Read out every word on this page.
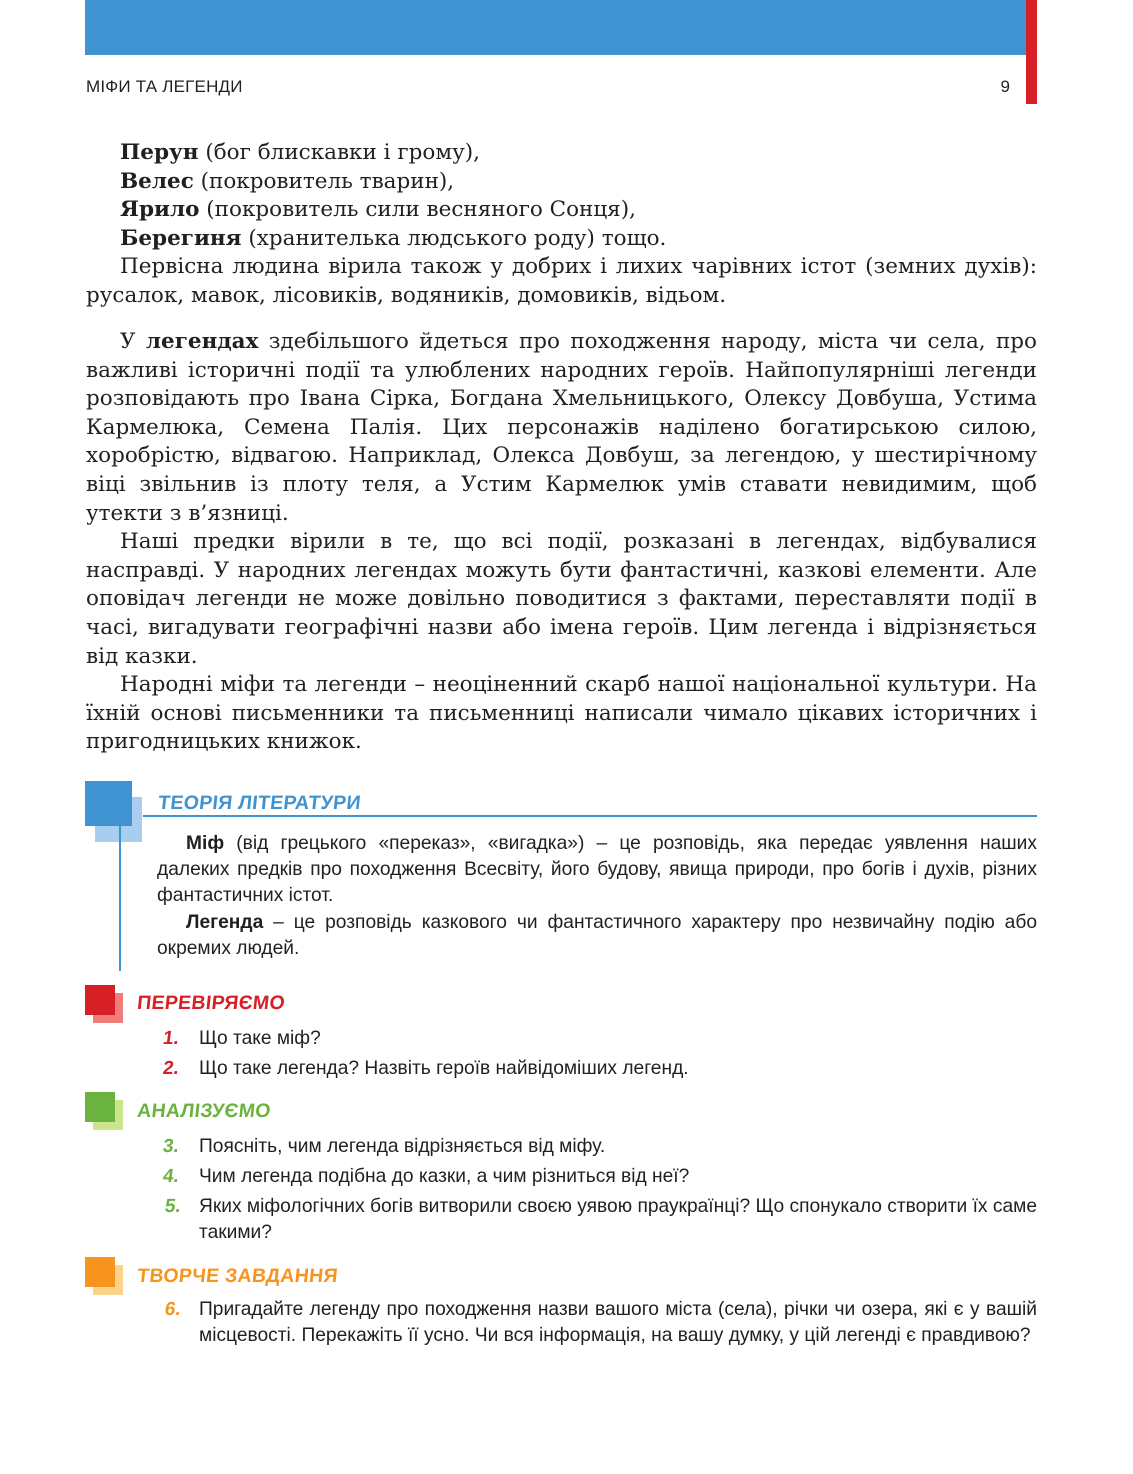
МІФИ ТА ЛЕГЕНДИ	9

Перун (бог блискавки і грому),

Велес (покровитель тварин),

Ярило (покровитель сили весняного Сонця),

Берегиня (хранителька людського роду) тощо.

Первісна людина вірила також у добрих і лихих чарівних істот (земних духів): русалок, мавок, лісовиків, водяників, домовиків, відьом.

У легендах здебільшого йдеться про походження народу, міста чи села, про важливі історичні події та улюблених народних героїв. Найпопулярніші легенди розповідають про Івана Сірка, Богдана Хмельницького, Олексу Довбуша, Устима Кармелюка, Семена Палія. Цих персонажів наділено богатирською силою, хоробрістю, відвагою. Наприклад, Олекса Довбуш, за легендою, у шестирічному віці звільнив із плоту теля, а Устим Кармелюк умів ставати невидимим, щоб утекти з в’язниці.

Наші предки вірили в те, що всі події, розказані в легендах, відбувалися насправді. У народних легендах можуть бути фантастичні, казкові елементи. Але оповідач легенди не може довільно поводитися з фактами, переставляти події в часі, вигадувати географічні назви або імена героїв. Цим легенда і відрізняється від казки.

Народні міфи та легенди – неоціненний скарб нашої національної культури. На їхній основі письменники та письменниці написали чимало цікавих історичних і пригодницьких книжок.

ТЕОРІЯ ЛІТЕРАТУРИ

Міф (від грецького «переказ», «вигадка») – це розповідь, яка передає уявлення наших далеких предків про походження Всесвіту, його будову, явища природи, про богів і духів, різних фантастичних істот.

Легенда – це розповідь казкового чи фантастичного характеру про незвичайну подію або окремих людей.

ПЕРЕВІРЯЄМО
1. Що таке міф?
2. Що таке легенда? Назвіть героїв найвідоміших легенд.
АНАЛІЗУЄМО
3. Поясніть, чим легенда відрізняється від міфу.
4. Чим легенда подібна до казки, а чим різниться від неї?
5. Яких міфологічних богів витворили своєю уявою праукраїнці? Що спонукало створити їх саме такими?
ТВОРЧЕ ЗАВДАННЯ
6. Пригадайте легенду про походження назви вашого міста (села), річки чи озера, які є у вашій місцевості. Перекажіть її усно. Чи вся інформація, на вашу думку, у цій легенді є правдивою?
